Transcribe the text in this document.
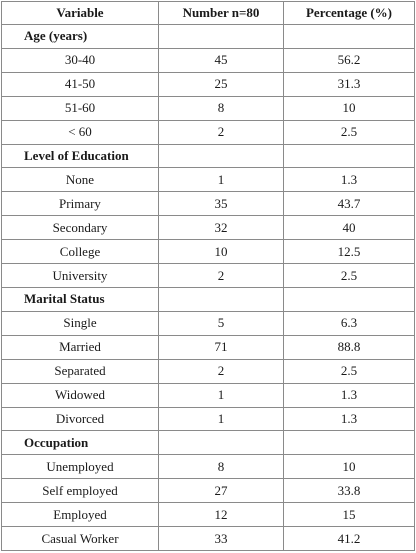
Variable	Number n=80	Percentage (%)
Age (years)		
30-40	45	56.2
41-50	25	31.3
51-60	8	10
< 60	2	2.5
Level of Education		
None	1	1.3
Primary	35	43.7
Secondary	32	40
College	10	12.5
University	2	2.5
Marital Status		
Single	5	6.3
Married	71	88.8
Separated	2	2.5
Widowed	1	1.3
Divorced	1	1.3
Occupation		
Unemployed	8	10
Self employed	27	33.8
Employed	12	15
Casual Worker	33	41.2
